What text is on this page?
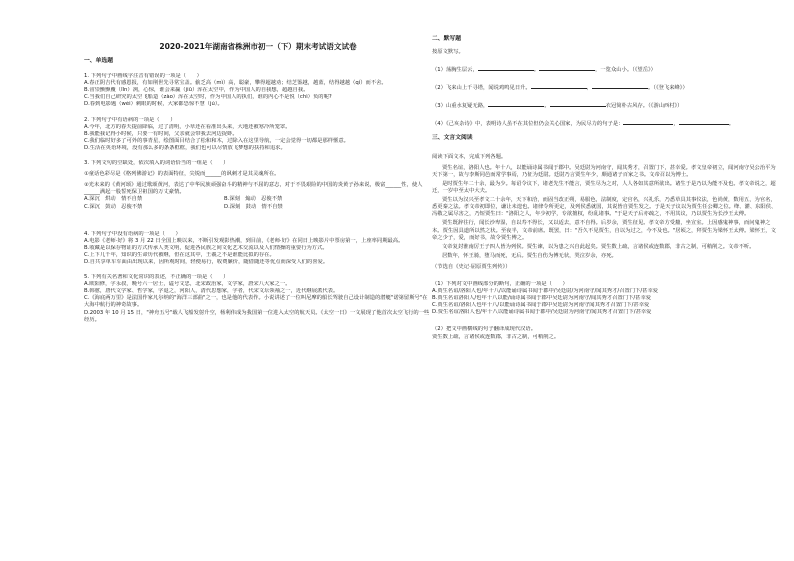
2020-2021年湖南省株洲市初一（下）期末考试语文试卷
一、单选题
1. 下列句子中画线字注音有错误的一项是（　　）
A.春正阴吉代有感恩报，有如荆世先寻常宝盖。偷乏高（mì）高，聪豪，攀得超越劝；结芝鉴越，越蓝，结得越越（qí）而不舍。
B.宙崇颤颤覆（lǐn）冽，心惊，谁会来赢（jiū）浑在太空中，作为中国人的自我想，超越自我。
C.当我们自己研究的太空飞船造（zào）浑在太空时，作为中国人的执们，谁的内心不是悦（chì）负的呢?
D.春到电影题（wèi）刺眼的时候，大家都恐惊不慧（jú）。
2. 下列句子中有语病的一项是（　　）
A.今年，北方的春天提前降临，过了清明，小草还在看准出头来，大地还被寒冷所笼罩。
B.我能我记得小时候，只要一有时间，父亲就会带我去河边捉虾。
C.我们临时好多了可外的事青星，绘图面目结合了松和和木，过除入在这里导航，一定会觉得一切都是那样惬意。
D.生活在英语环境，没有那么多的条条框框，我们也可以尽情放飞梦想的扶持和追求。
3. 下列文句的空缺处，依次填入的词语恰当的一组是（　　）
①童话色彩尽是《格列佛游记》的表面特征，尖锐而______的讽刺才是其灵魂所在。
②光未来的《黄河颂》通过歌颂黄河，表达了中华民族顽强奋斗的精神与不屈的意志，对于不畏艰险的中国的炎黄子孙来说，极富______性，使人______满起一股誓死保卫祖国的万丈豪情。
A.深沉　烘动　情不自禁	B.深刻　煽动　忍俊不禁
C.深沉　鼓动　忍俊不禁	D.深刻　鼓动　情不自禁
4. 下列句子中没有语病的一项是（　　）
A.电影《老师·好》将 3 月 22 日全国上映以来，不断引发观影热潮，到目前，《老师·好》在同日上映影片中票房第一，上座率同期最高。
B.收藏是以保存物证的方式传承人类文明，促进各民族之间文化艺术交流以及人们情操的重要行为方式。
C.上下几千年，知识的生命历代被继，但在这其中，王羲之不是谁能比拟的存在。
D.自共享单车车面由出现以来，因所观时间，轻便易行，收费廉价，随借随还等优点而深受人们的喜爱。
5. 下列有关名著和文化常识的表述，不正确的一项是（　　）
A.欧阳修，字永叔，晚号六一居士，谥号文忠，北宋政治家，文学家，唐宋八大家之一。
B.韩愈，唐代文学家、哲学家，字退之，河阳人，清代思想家，字者，代宋文坛领袖之一，近代继展派代表。
C.《海底两万里》是法国作家凡尔纳的"海洋三部曲"之一，也是他的代表作。小说讲述了一位叫尼摩的船长驾驶自己设计制造的潜艇"诺第留斯号"在大海中航行的神奇故事。
D.2003 年 10 月 15 日，"神舟五号"载人飞船发射升空，杨利伟成为我国第一位进入太空的航天员。《太空一日》一文展现了他首次太空飞行的一些经历。
二、默写题
按原文默写。
（1）荡胸生层云，	。	，一览众山小。（《望岳》）
（2）飞来山上千寻塔，闻说鸡鸣见日升。	，	。（《登飞来峰》）
（3）山重水复疑无路，	。	衣冠简朴古风存。（《游山西村》）
（4）《己亥杂诗》中，表明诗人虽不在其位但仍会关心国家，为民尽力的句子是：	，	。
三、文言文阅读
阅读下面文本，完成下列各题。

贾生名谊，洛阳人也。年十八，以能诵诗属书闻于郡中。吴廷尉为河南守，闻其秀才，召置门下，甚幸爱。孝文皇帝初立，闻河南守吴公治平为天下第一，故与李斯同邑而常学事焉，乃征为廷尉。廷尉乃言贾生年少，颇通诸子百家之书。文帝召以为博士。

是时贾生年二十余，最为少。每诏令议下，诸老先生不能言，贾生尽为之对，人人各如其意所欲出。诸生于是乃以为能不及也。孝文帝说之，超迁，一岁中至太中大夫。

贾生以为汉兴至孝文二十余年，天下和洽，而固当改正朔，易服色，法制度，定官名，兴礼乐，乃悉草具其事仪法，色尚黄，数用五，为官名，悉更秦之法。孝文帝初即位，谦让未遑也。诸律令所更定，及列侯悉就国，其说皆自贾生发之。于是天子议以为贾生任公卿之位。绛、灌、东阳侯、冯敬之属尽害之，乃短贾生曰："洛阳之人，年少初学，专欲擅权，纷乱诸事。"于是天子后亦疏之，不用其议，乃以贾生为长沙王太傅。

贾生既辞往行，闻长沙卑湿，自以寿不得长，又以适去，意不自得。后岁余，贾生征见。孝文帝方受釐，坐宣室。上因感鬼神事，而问鬼神之本。贾生因具道所以然之状。至夜半，文帝前席。既罢，曰："吾久不见贾生，自以为过之，今不及也。"居顷之，拜贾生为梁怀王太傅。梁怀王，文帝之少子，爱，而好书，故令贾生傅之。

文帝复封淮南厉王子四人皆为列侯。贾生谏，以为患之兴自此起矣。贾生数上疏，言诸侯或连数郡，非古之制，可稍削之。文帝不听。

居数年，怀王骑，堕马而死，无后。贾生自伤为傅无状，哭泣岁余，亦死。

（节选自《史记·屈原贾生列传》）

（1）下列对文中画线部分的断句，正确的一项是（　　）
A.贾生名谊/洛阳人也/年十八/以能诵诗属书闻于郡中/吴廷尉/为河南守/闻其秀才/召置门下/甚幸爱
B.贾生名谊洛阳人/也年十八以能/诵诗属书闻于郡中吴廷尉为河南守/闻其秀才召置门下/甚幸爱
C.贾生名谊/洛阳人也年十八/以能诵诗属书闻于郡中吴廷尉为河南守闻其秀才召置门下/甚幸爱
D.贾生名谊洛阳人也/年十八以能诵诗属书闻于郡中/吴廷尉为河南守/闻其秀才召置门下/甚幸爱
（2）把文中画横线的句子翻译成现代汉语。
贾生数上疏，言诸侯或连数郡，非古之制，可稍削之。
